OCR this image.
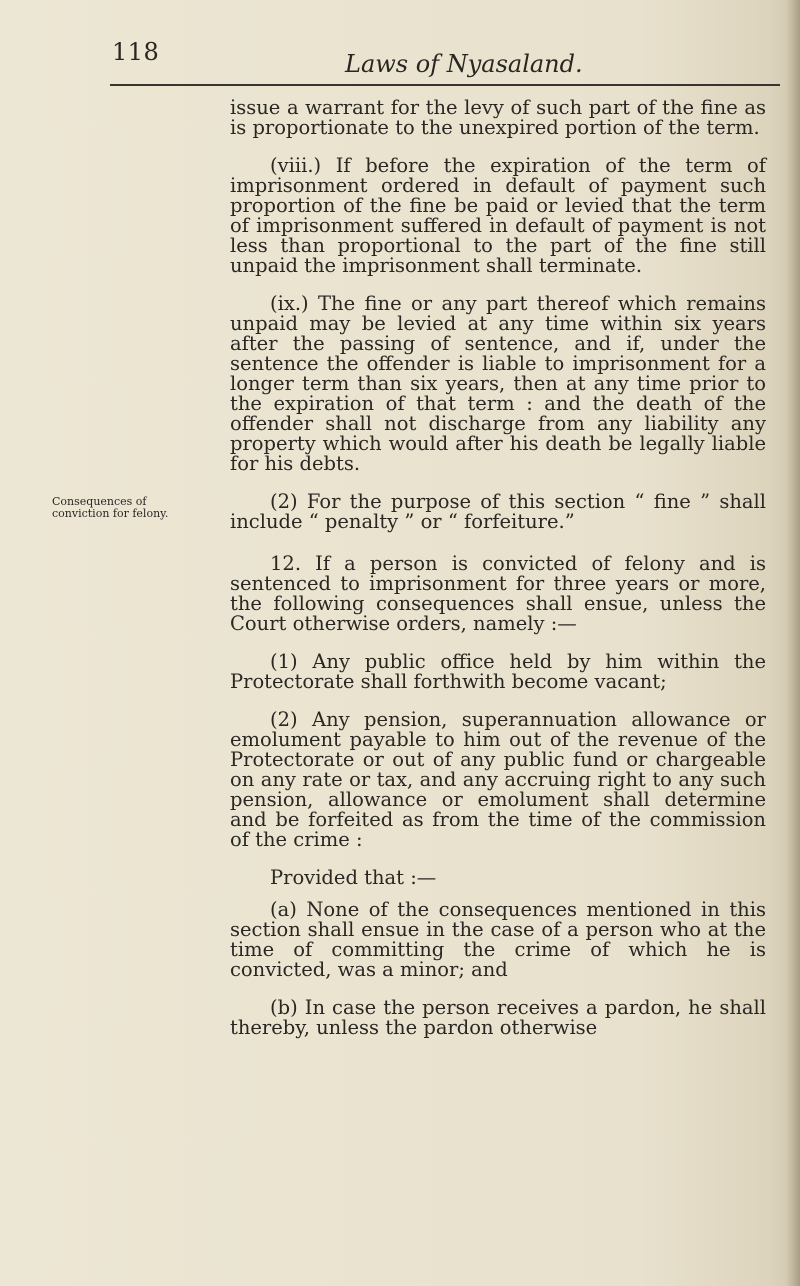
118	Laws of Nyasaland.
Consequences of conviction for felony.

issue a warrant for the levy of such part of the fine as is proportionate to the unexpired portion of the term.

(viii.) If before the expiration of the term of imprisonment ordered in default of payment such proportion of the fine be paid or levied that the term of imprisonment suffered in default of payment is not less than proportional to the part of the fine still unpaid the imprisonment shall terminate.

(ix.) The fine or any part thereof which remains unpaid may be levied at any time within six years after the passing of sentence, and if, under the sentence the offender is liable to imprisonment for a longer term than six years, then at any time prior to the expiration of that term : and the death of the offender shall not discharge from any liability any property which would after his death be legally liable for his debts.

(2) For the purpose of this section “ fine ” shall include “ penalty ” or “ forfeiture.”

12. If a person is convicted of felony and is sentenced to imprisonment for three years or more, the following consequences shall ensue, unless the Court otherwise orders, namely :—

(1) Any public office held by him within the Protectorate shall forthwith become vacant;

(2) Any pension, superannuation allowance or emolument payable to him out of the revenue of the Protectorate or out of any public fund or chargeable on any rate or tax, and any accruing right to any such pension, allowance or emolument shall determine and be forfeited as from the time of the commission of the crime :

Provided that :—

(a) None of the consequences mentioned in this section shall ensue in the case of a person who at the time of committing the crime of which he is convicted, was a minor; and

(b) In case the person receives a pardon, he shall thereby, unless the pardon otherwise
